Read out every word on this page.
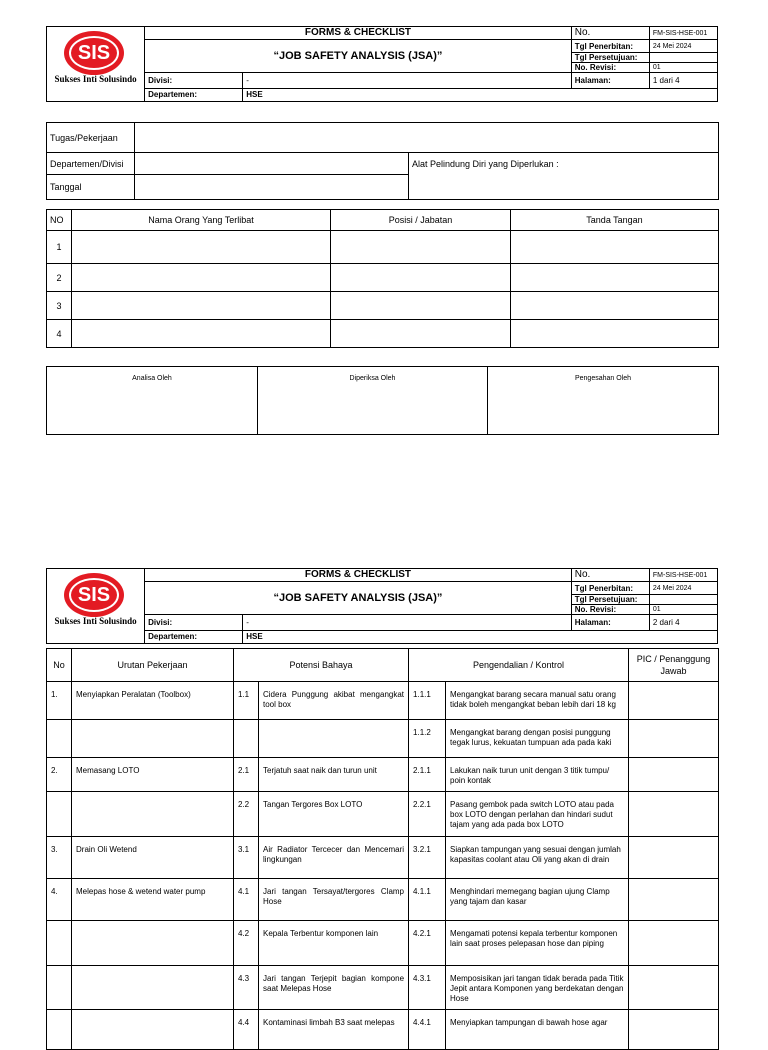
SIS
Sukses Inti Solusindo	FORMS & CHECKLIST		No.	FM-SIS-HSE-001
	“JOB SAFETY ANALYSIS (JSA)”		Tgl Penerbitan:	24 Mei 2024
			Tgl Persetujuan:	
			No. Revisi:	01
	Divisi:	-	Halaman:	1 dari 4
	Departemen:	HSE		
Tugas/Pekerjaan		
Departemen/Divisi		Alat Pelindung Diri yang Diperlukan :
Tanggal		
NO	Nama Orang Yang Terlibat	Posisi / Jabatan	Tanda Tangan
1			
2			
3			
4			
Analisa Oleh	Diperiksa Oleh	Pengesahan Oleh
SIS
Sukses Inti Solusindo	FORMS & CHECKLIST		No.	FM-SIS-HSE-001
	“JOB SAFETY ANALYSIS (JSA)”		Tgl Penerbitan:	24 Mei 2024
			Tgl Persetujuan:	
			No. Revisi:	01
	Divisi:	-	Halaman:	2 dari 4
	Departemen:	HSE		
No	Urutan Pekerjaan	Potensi Bahaya		Pengendalian / Kontrol		PIC / Penanggung Jawab
1.	Menyiapkan Peralatan (Toolbox)	1.1	Cidera Punggung akibat mengangkat tool box	1.1.1	Mengangkat barang secara manual satu orang tidak boleh mengangkat beban lebih dari 18 kg	
				1.1.2	Mengangkat barang dengan posisi punggung tegak lurus, kekuatan tumpuan ada pada kaki	
2.	Memasang LOTO	2.1	Terjatuh saat naik dan turun unit	2.1.1	Lakukan naik turun unit dengan 3 titik tumpu/ poin kontak	
		2.2	Tangan Tergores Box LOTO	2.2.1	Pasang gembok pada switch LOTO atau pada box LOTO dengan perlahan dan hindari sudut tajam yang ada pada box LOTO	
3.	Drain Oli Wetend	3.1	Air Radiator Tercecer dan Mencemari lingkungan	3.2.1	Siapkan tampungan yang sesuai dengan jumlah kapasitas coolant atau Oli yang akan di drain	
4.	Melepas hose & wetend water pump	4.1	Jari tangan Tersayat/tergores Clamp Hose	4.1.1	Menghindari memegang bagian ujung Clamp yang tajam dan kasar	
		4.2	Kepala Terbentur komponen lain	4.2.1	Mengamati potensi kepala terbentur komponen lain saat proses pelepasan hose dan piping	
		4.3	Jari tangan Terjepit bagian kompone saat Melepas Hose	4.3.1	Memposisikan jari tangan tidak berada pada Titik Jepit antara Komponen yang berdekatan dengan Hose	
		4.4	Kontaminasi limbah B3 saat melepas	4.4.1	Menyiapkan tampungan di bawah hose agar	
